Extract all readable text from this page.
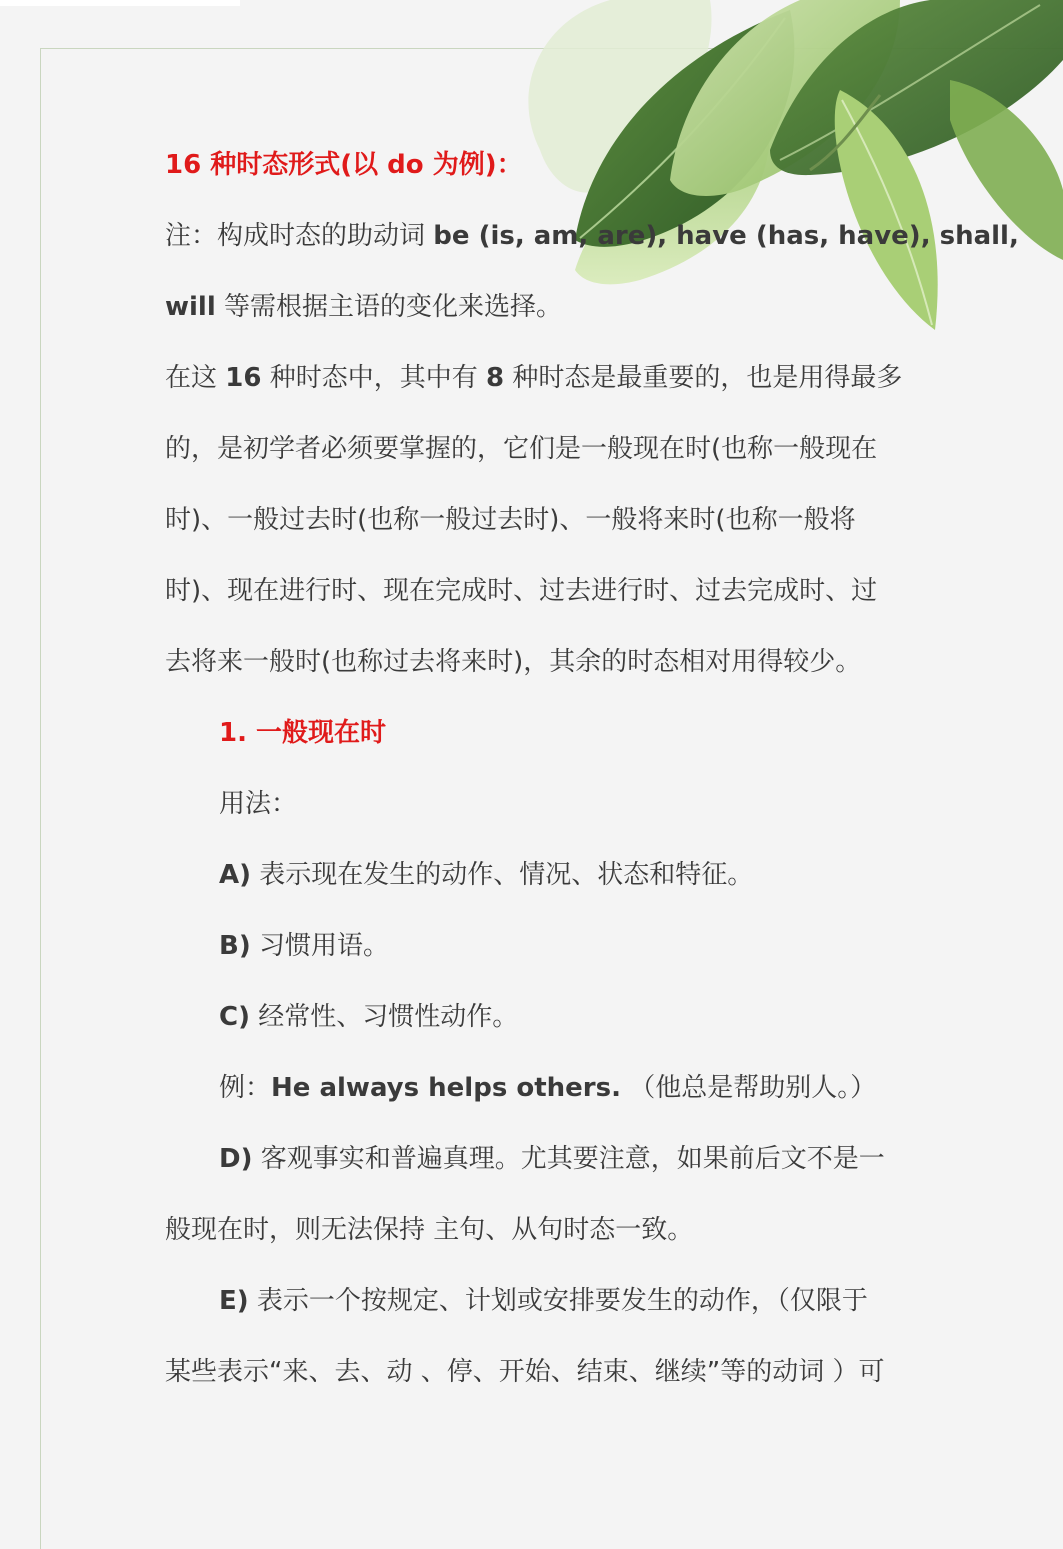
16 种时态形式(以 do 为例)：
注：构成时态的助动词 be (is, am, are), have (has, have), shall,
will 等需根据主语的变化来选择。
在这 16 种时态中，其中有 8 种时态是最重要的，也是用得最多
的，是初学者必须要掌握的，它们是一般现在时(也称一般现在
时)、一般过去时(也称一般过去时)、一般将来时(也称一般将
时)、现在进行时、现在完成时、过去进行时、过去完成时、过
去将来一般时(也称过去将来时)，其余的时态相对用得较少。
1. 一般现在时
用法：
A) 表示现在发生的动作、情况、状态和特征。
B) 习惯用语。
C) 经常性、习惯性动作。
例：He always helps others. （他总是帮助别人。）
D) 客观事实和普遍真理。尤其要注意，如果前后文不是一
般现在时，则无法保持 主句、从句时态一致。
E) 表示一个按规定、计划或安排要发生的动作，（仅限于
某些表示“来、去、动 、停、开始、结束、继续”等的动词 ）可
